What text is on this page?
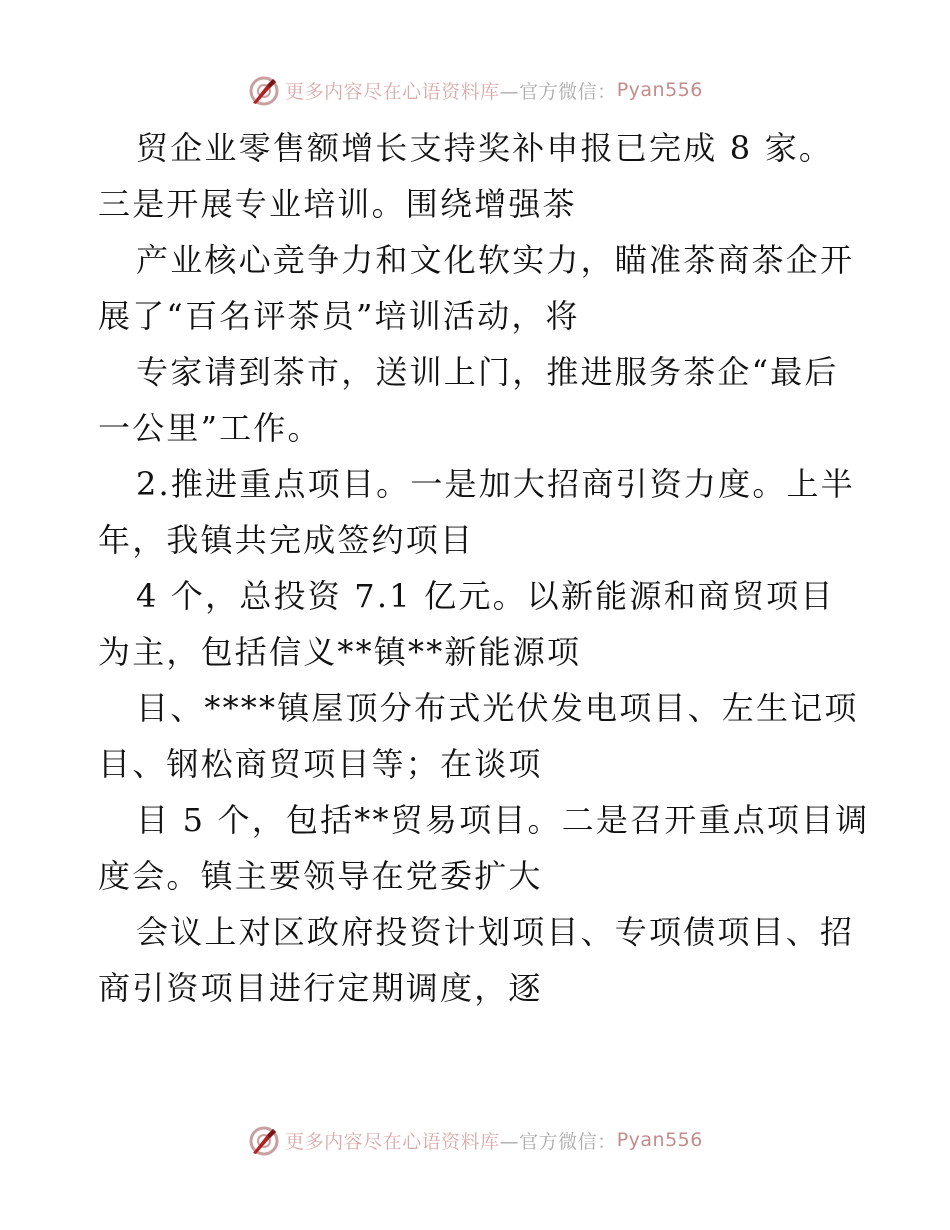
更多内容尽在心语资料库 —官方微信： Pyan556
贸企业零售额增长支持奖补申报已完成 8 家。
三是开展专业培训。围绕增强茶
产业核心竞争力和文化软实力，瞄准茶商茶企开
展了“百名评茶员”培训活动，将
专家请到茶市，送训上门，推进服务茶企“最后
一公里”工作。
2.推进重点项目。一是加大招商引资力度。上半
年，我镇共完成签约项目
4 个，总投资 7.1 亿元。以新能源和商贸项目
为主，包括信义**镇**新能源项
目、****镇屋顶分布式光伏发电项目、左生记项
目、钢松商贸项目等；在谈项
目 5 个，包括**贸易项目。二是召开重点项目调
度会。镇主要领导在党委扩大
会议上对区政府投资计划项目、专项债项目、招
商引资项目进行定期调度，逐
更多内容尽在心语资料库 —官方微信： Pyan556
